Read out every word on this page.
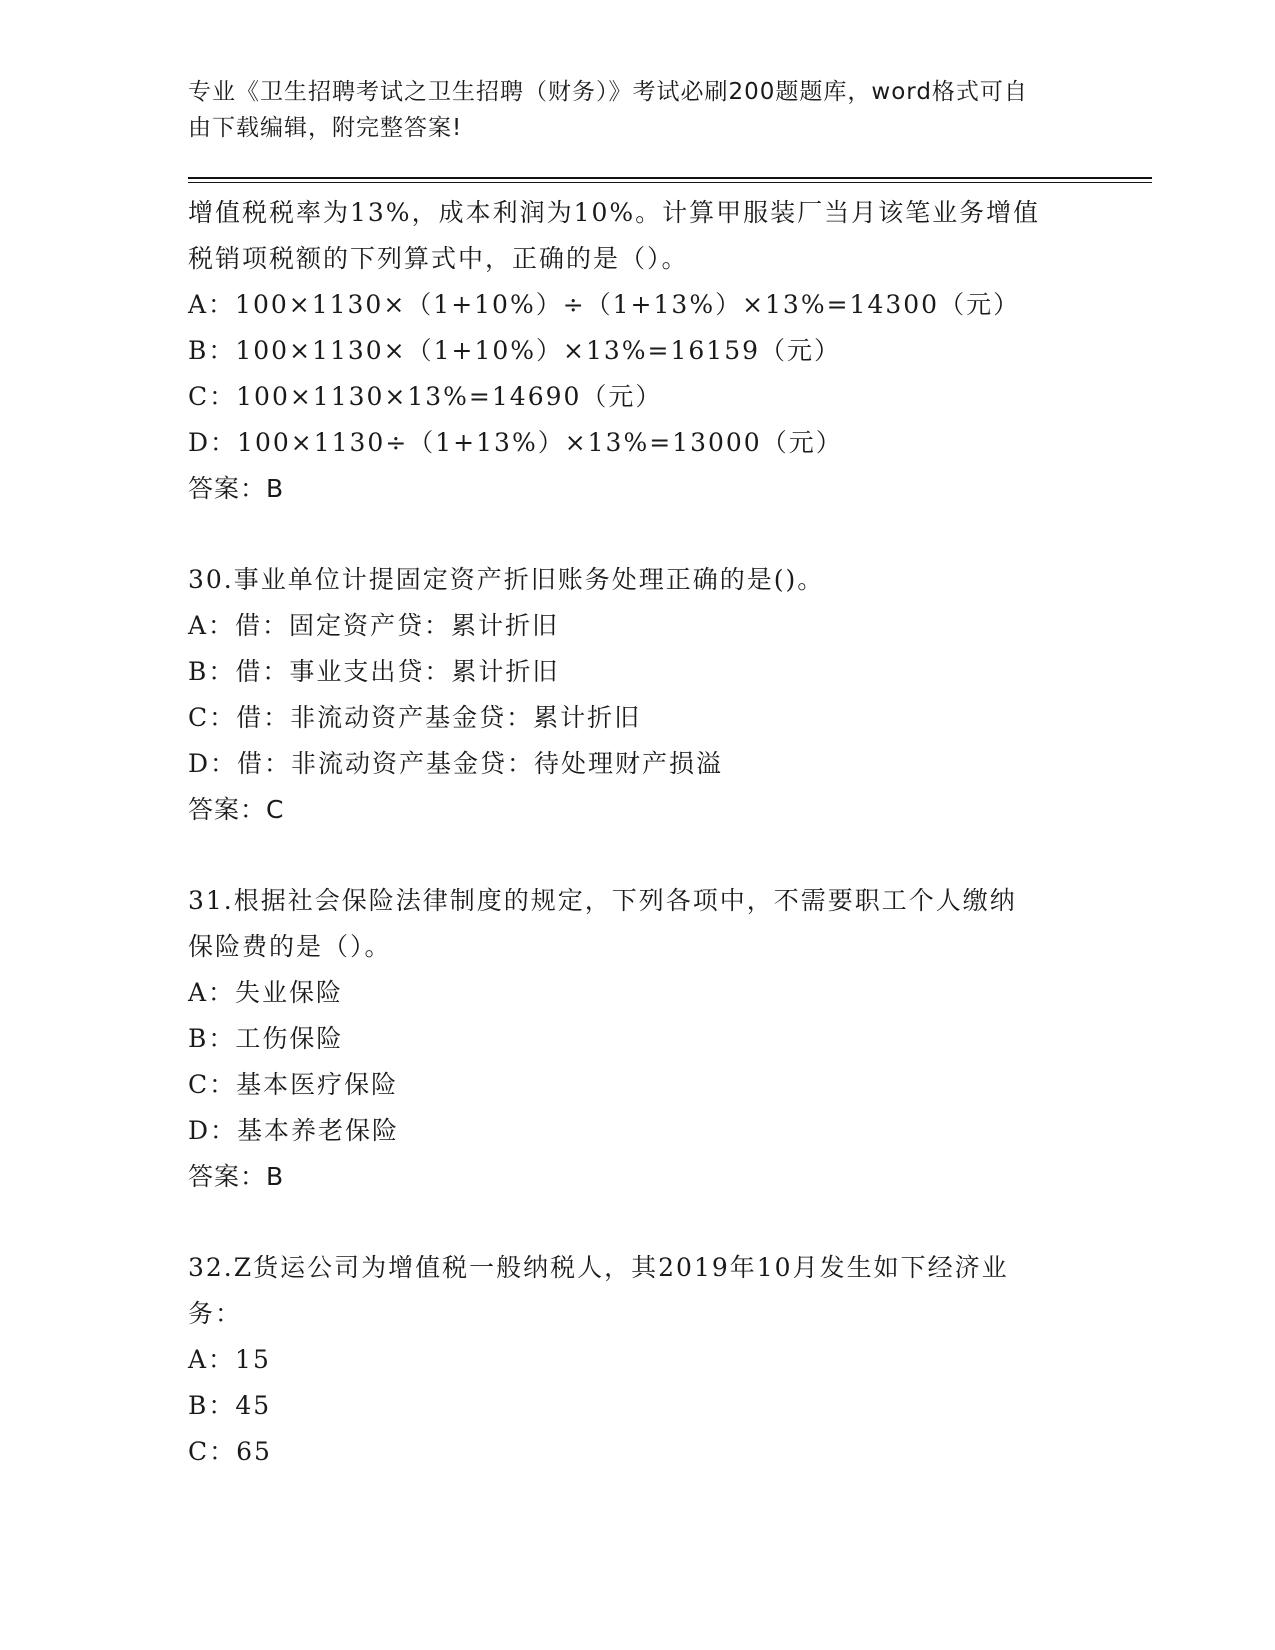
专业《卫生招聘考试之卫生招聘（财务）》考试必刷200题题库，word格式可自
由下载编辑，附完整答案!
增值税税率为13%，成本利润为10%。计算甲服装厂当月该笔业务增值
税销项税额的下列算式中，正确的是（）。
A：100×1130×（1+10%）÷（1+13%）×13%=14300（元）
B：100×1130×（1+10%）×13%=16159（元）
C：100×1130×13%=14690（元）
D：100×1130÷（1+13%）×13%=13000（元）
答案：B
30.事业单位计提固定资产折旧账务处理正确的是()。
A：借：固定资产贷：累计折旧
B：借：事业支出贷：累计折旧
C：借：非流动资产基金贷：累计折旧
D：借：非流动资产基金贷：待处理财产损溢
答案：C
31.根据社会保险法律制度的规定，下列各项中，不需要职工个人缴纳
保险费的是（）。
A：失业保险
B：工伤保险
C：基本医疗保险
D：基本养老保险
答案：B
32.Z货运公司为增值税一般纳税人，其2019年10月发生如下经济业
务：
A：15
B：45
C：65
